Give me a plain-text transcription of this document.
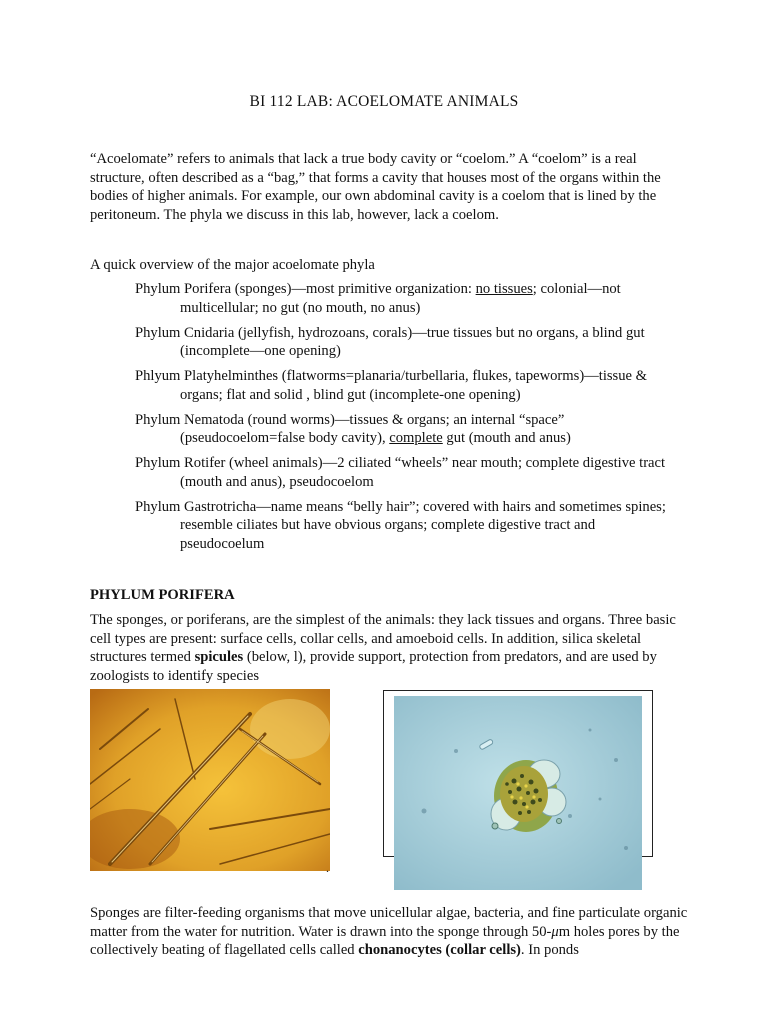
BI 112 LAB: ACOELOMATE ANIMALS

“Acoelomate” refers to animals that lack a true body cavity or “coelom.” A “coelom” is a real structure, often described as a “bag,” that forms a cavity that houses most of the organs within the bodies of higher animals. For example, our own abdominal cavity is a coelom that is lined by the peritoneum. The phyla we discuss in this lab, however, lack a coelom.

A quick overview of the major acoelomate phyla

Phylum Porifera (sponges)—most primitive organization: no tissues; colonial—not multicellular; no gut (no mouth, no anus)

Phylum Cnidaria (jellyfish, hydrozoans, corals)—true tissues but no organs, a blind gut (incomplete—one opening)

Phlyum Platyhelminthes (flatworms=planaria/turbellaria, flukes, tapeworms)—tissue & organs; flat and solid , blind gut (incomplete-one opening)

Phylum Nematoda (round worms)—tissues & organs; an internal “space” (pseudocoelom=false body cavity), complete gut (mouth and anus)

Phylum Rotifer (wheel animals)—2 ciliated “wheels” near mouth; complete digestive tract (mouth and anus), pseudocoelom

Phylum Gastrotricha—name means “belly hair”; covered with hairs and sometimes spines; resemble ciliates but have obvious organs; complete digestive tract and pseudocoelum

PHYLUM PORIFERA

The sponges, or poriferans, are the simplest of the animals: they lack tissues and organs. Three basic cell types are present: surface cells, collar cells, and amoeboid cells. In addition, silica skeletal structures termed spicules (below, l), provide support, protection from predators, and are used by zoologists to identify species

.

Sponges are filter-feeding organisms that move unicellular algae, bacteria, and fine particulate organic matter from the water for nutrition. Water is drawn into the sponge through 50-μm holes pores by the collectively beating of flagellated cells called chonanocytes (collar cells). In ponds
